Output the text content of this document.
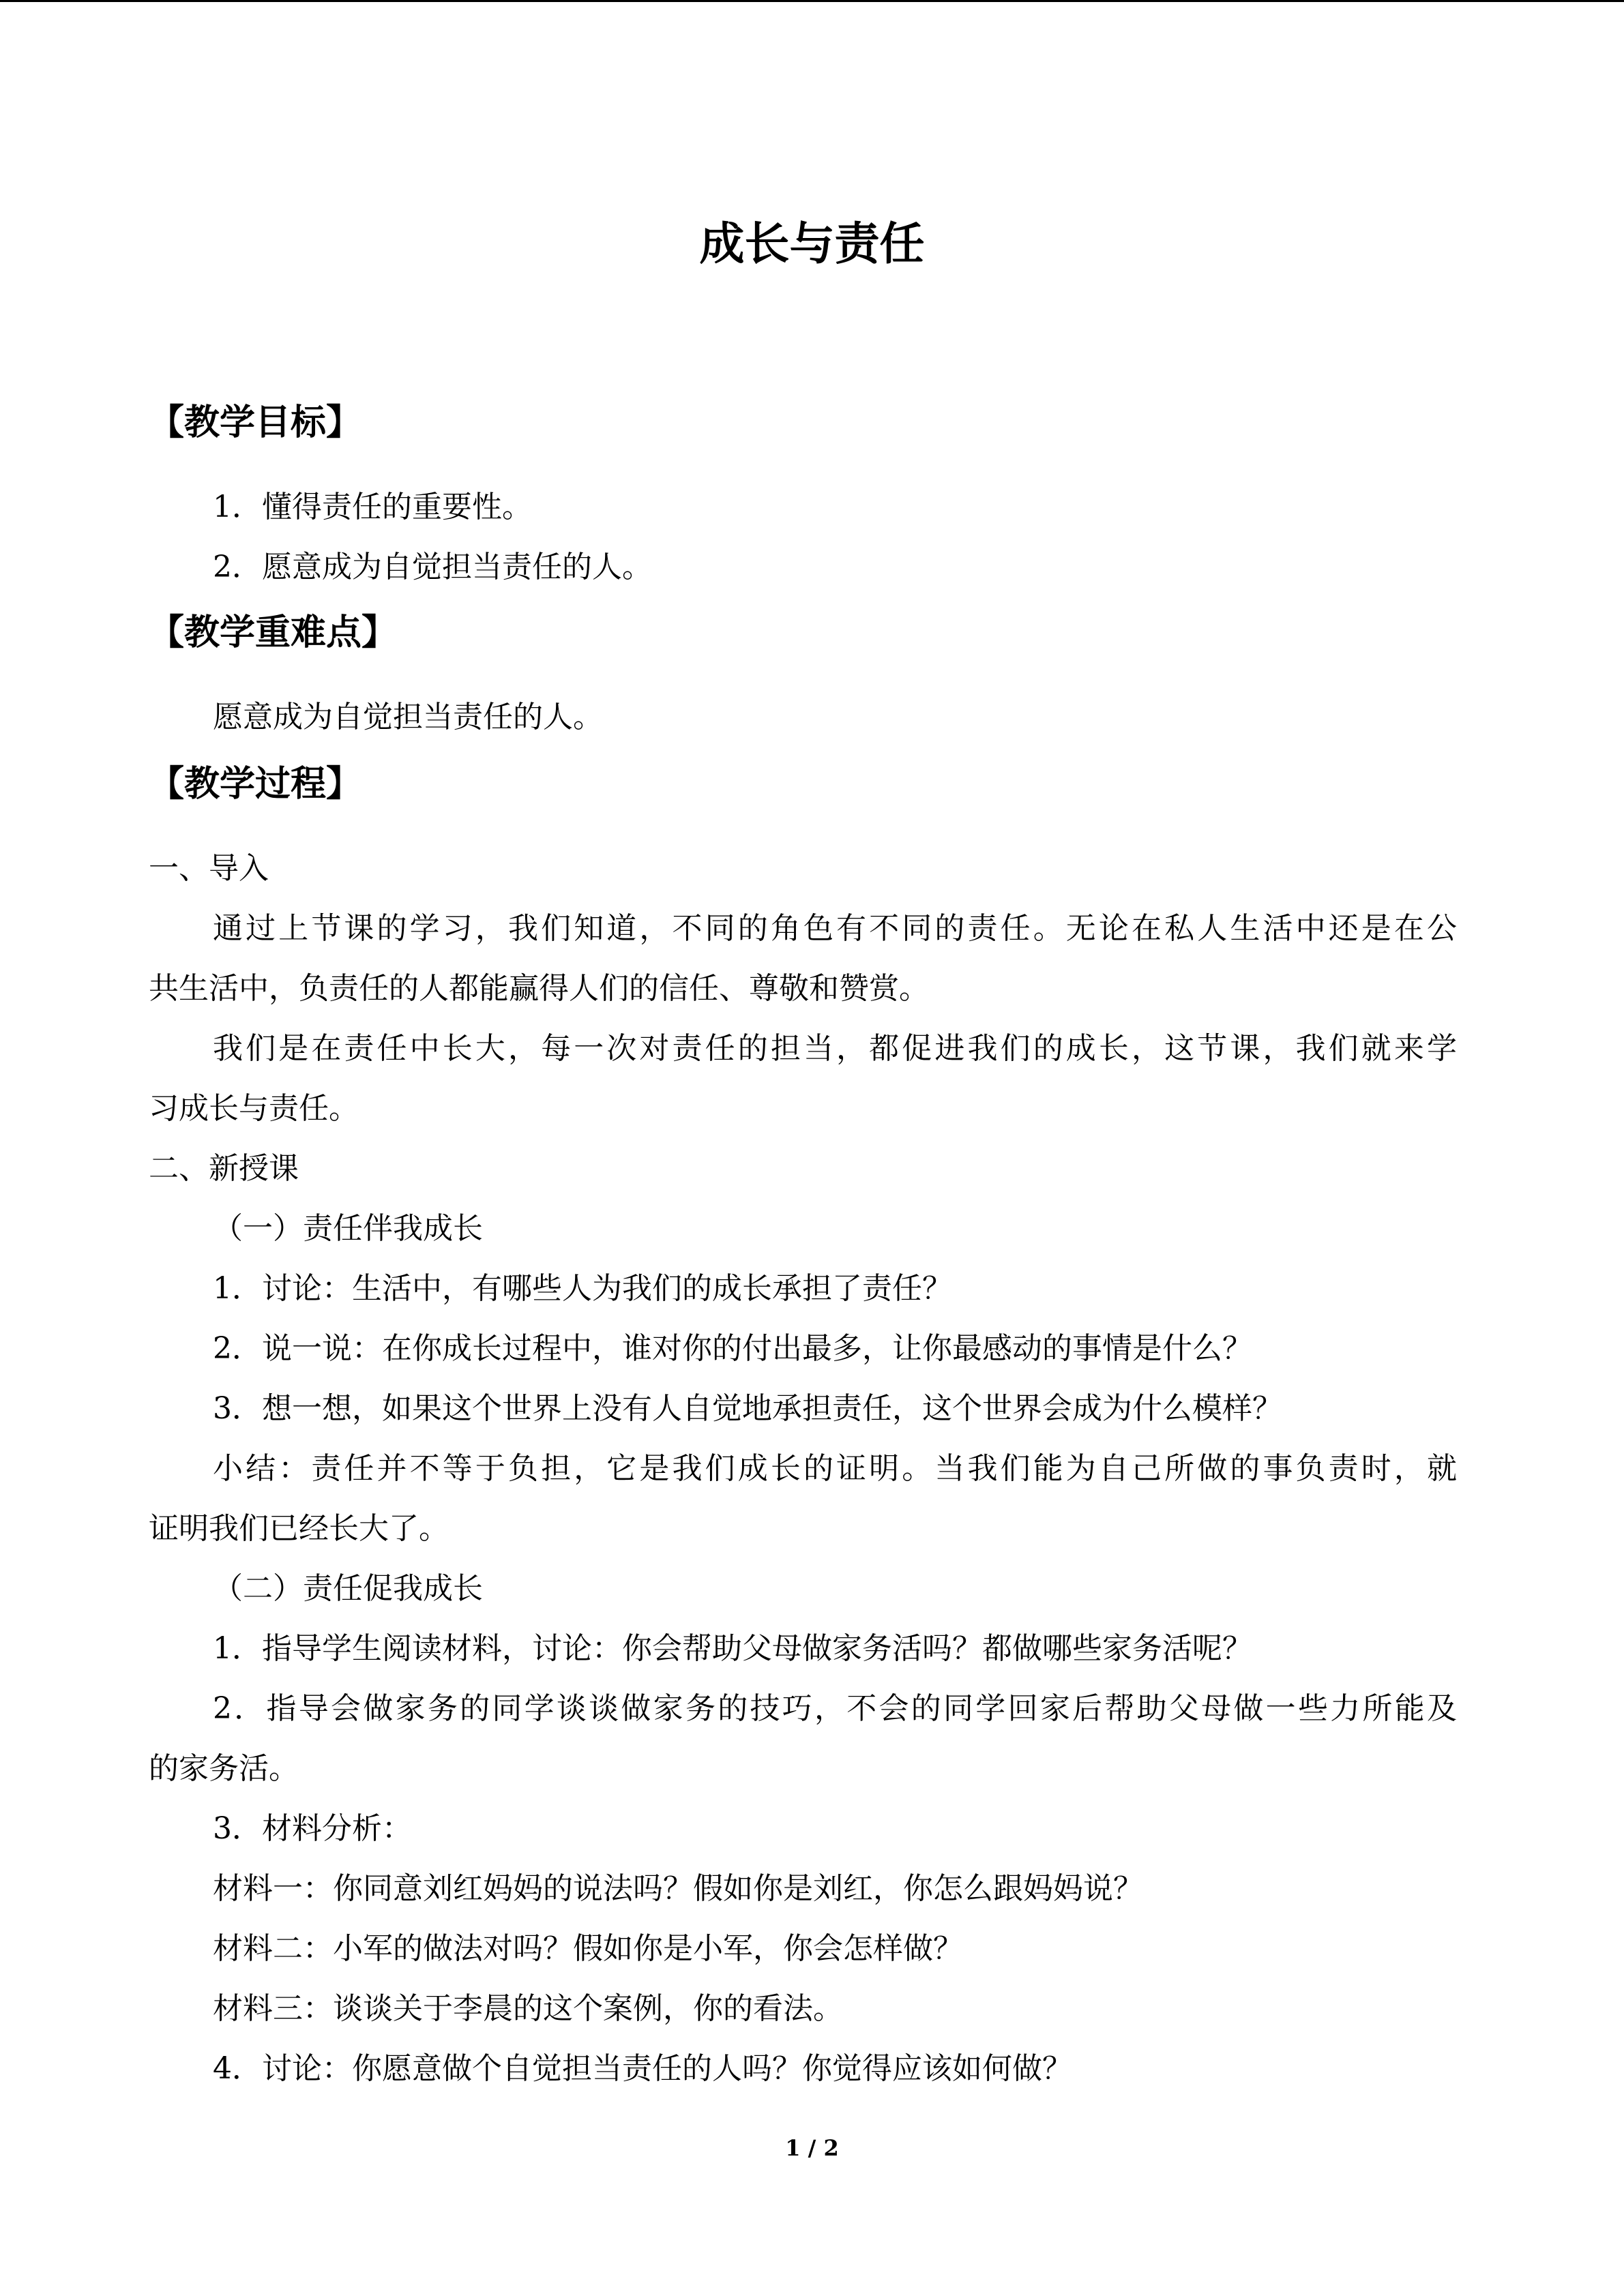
成长与责任
【教学目标】

1．懂得责任的重要性。

2．愿意成为自觉担当责任的人。

【教学重难点】

愿意成为自觉担当责任的人。

【教学过程】

一、导入

通过上节课的学习，我们知道，不同的角色有不同的责任。无论在私人生活中还是在公

共生活中，负责任的人都能赢得人们的信任、尊敬和赞赏。

我们是在责任中长大，每一次对责任的担当，都促进我们的成长，这节课，我们就来学

习成长与责任。

二、新授课

（一）责任伴我成长

1．讨论：生活中，有哪些人为我们的成长承担了责任？

2．说一说：在你成长过程中，谁对你的付出最多，让你最感动的事情是什么？

3．想一想，如果这个世界上没有人自觉地承担责任，这个世界会成为什么模样？

小结：责任并不等于负担，它是我们成长的证明。当我们能为自己所做的事负责时，就

证明我们已经长大了。

（二）责任促我成长

1．指导学生阅读材料，讨论：你会帮助父母做家务活吗？都做哪些家务活呢？

2．指导会做家务的同学谈谈做家务的技巧，不会的同学回家后帮助父母做一些力所能及

的家务活。

3．材料分析：

材料一：你同意刘红妈妈的说法吗？假如你是刘红，你怎么跟妈妈说？

材料二：小军的做法对吗？假如你是小军，你会怎样做？

材料三：谈谈关于李晨的这个案例，你的看法。

4．讨论：你愿意做个自觉担当责任的人吗？你觉得应该如何做？

1 / 2
